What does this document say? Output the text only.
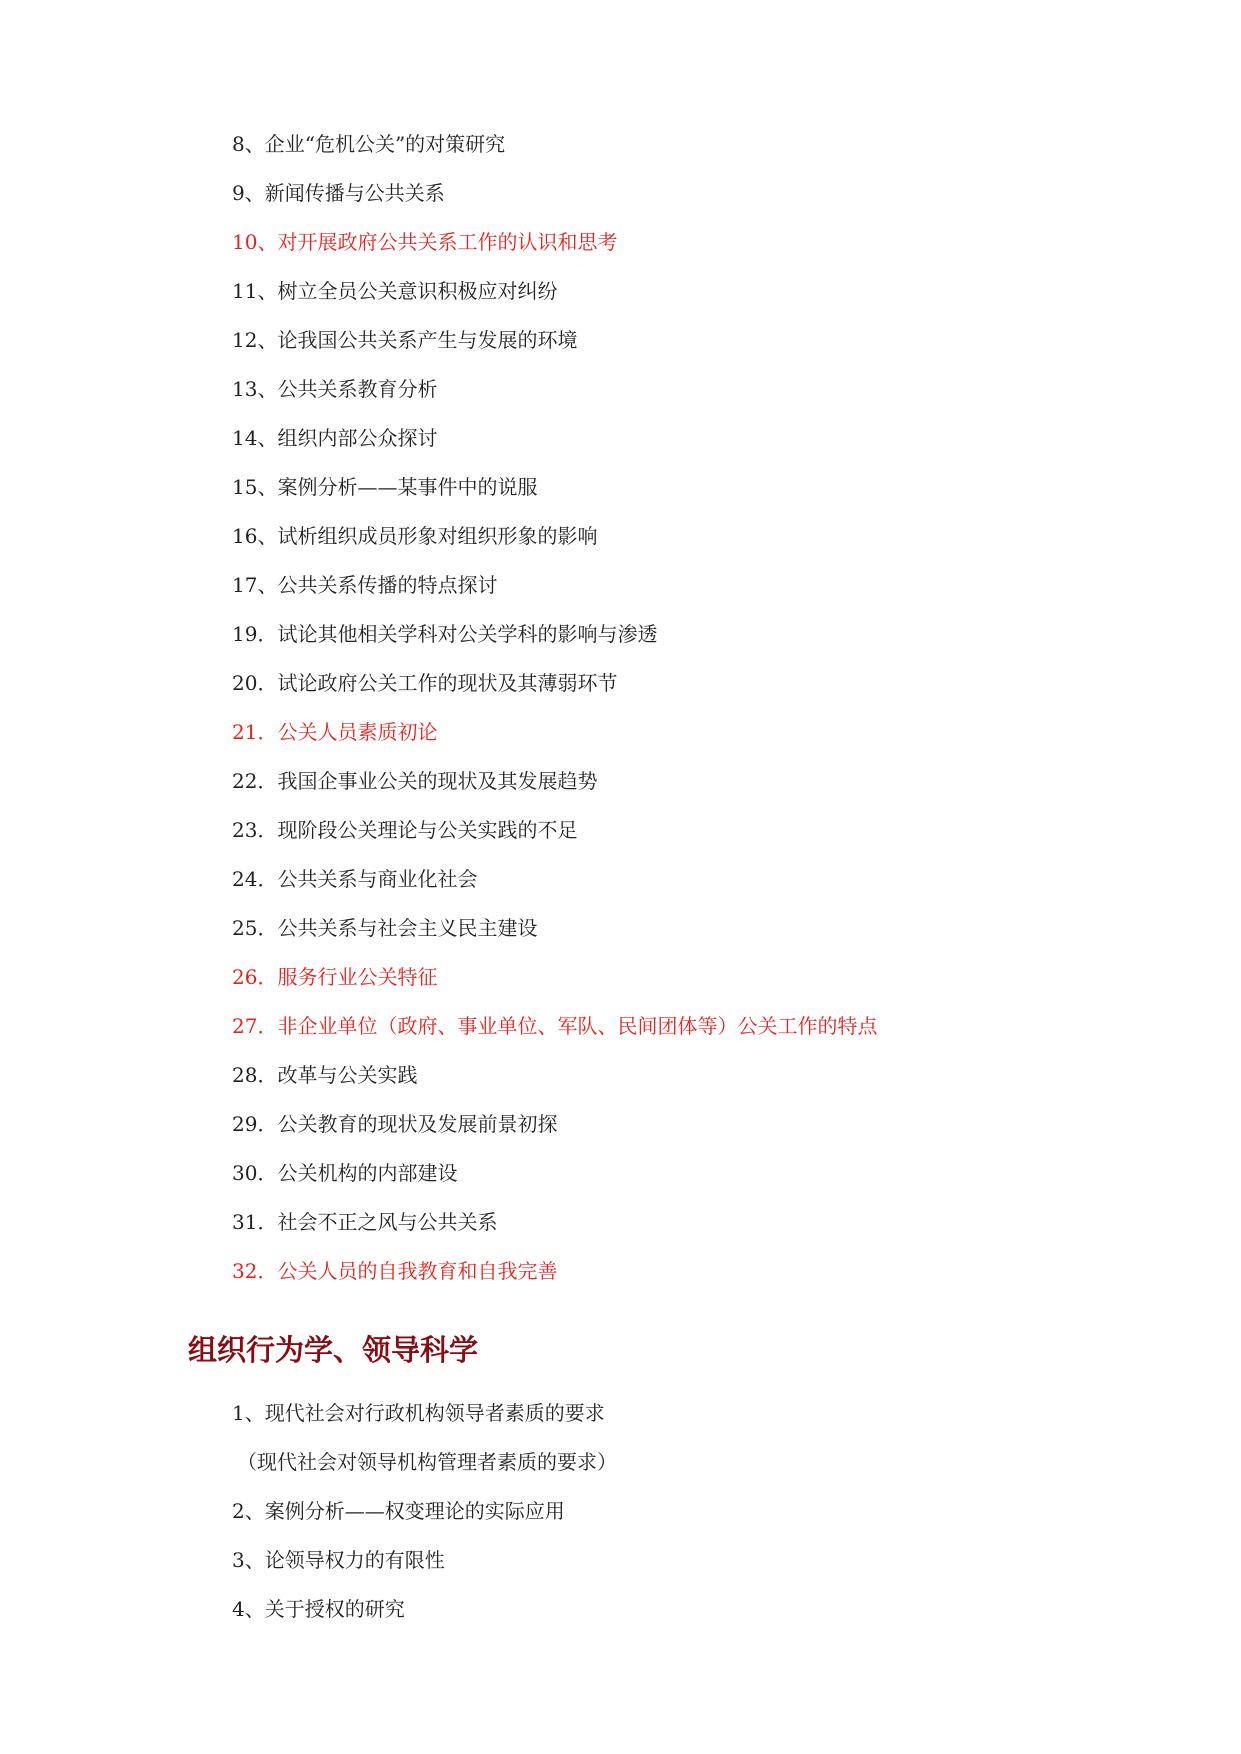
8、企业“危机公关”的对策研究
9、新闻传播与公共关系
10、对开展政府公共关系工作的认识和思考
11、树立全员公关意识积极应对纠纷
12、论我国公共关系产生与发展的环境
13、公共关系教育分析
14、组织内部公众探讨
15、案例分析——某事件中的说服
16、试析组织成员形象对组织形象的影响
17、公共关系传播的特点探讨
19．试论其他相关学科对公关学科的影响与渗透
20．试论政府公关工作的现状及其薄弱环节
21．公关人员素质初论
22．我国企事业公关的现状及其发展趋势
23．现阶段公关理论与公关实践的不足
24．公共关系与商业化社会
25．公共关系与社会主义民主建设
26．服务行业公关特征
27．非企业单位（政府、事业单位、军队、民间团体等）公关工作的特点
28．改革与公关实践
29．公关教育的现状及发展前景初探
30．公关机构的内部建设
31．社会不正之风与公共关系
32．公关人员的自我教育和自我完善
组织行为学、领导科学
1、现代社会对行政机构领导者素质的要求
（现代社会对领导机构管理者素质的要求）
2、案例分析——权变理论的实际应用
3、论领导权力的有限性
4、关于授权的研究
